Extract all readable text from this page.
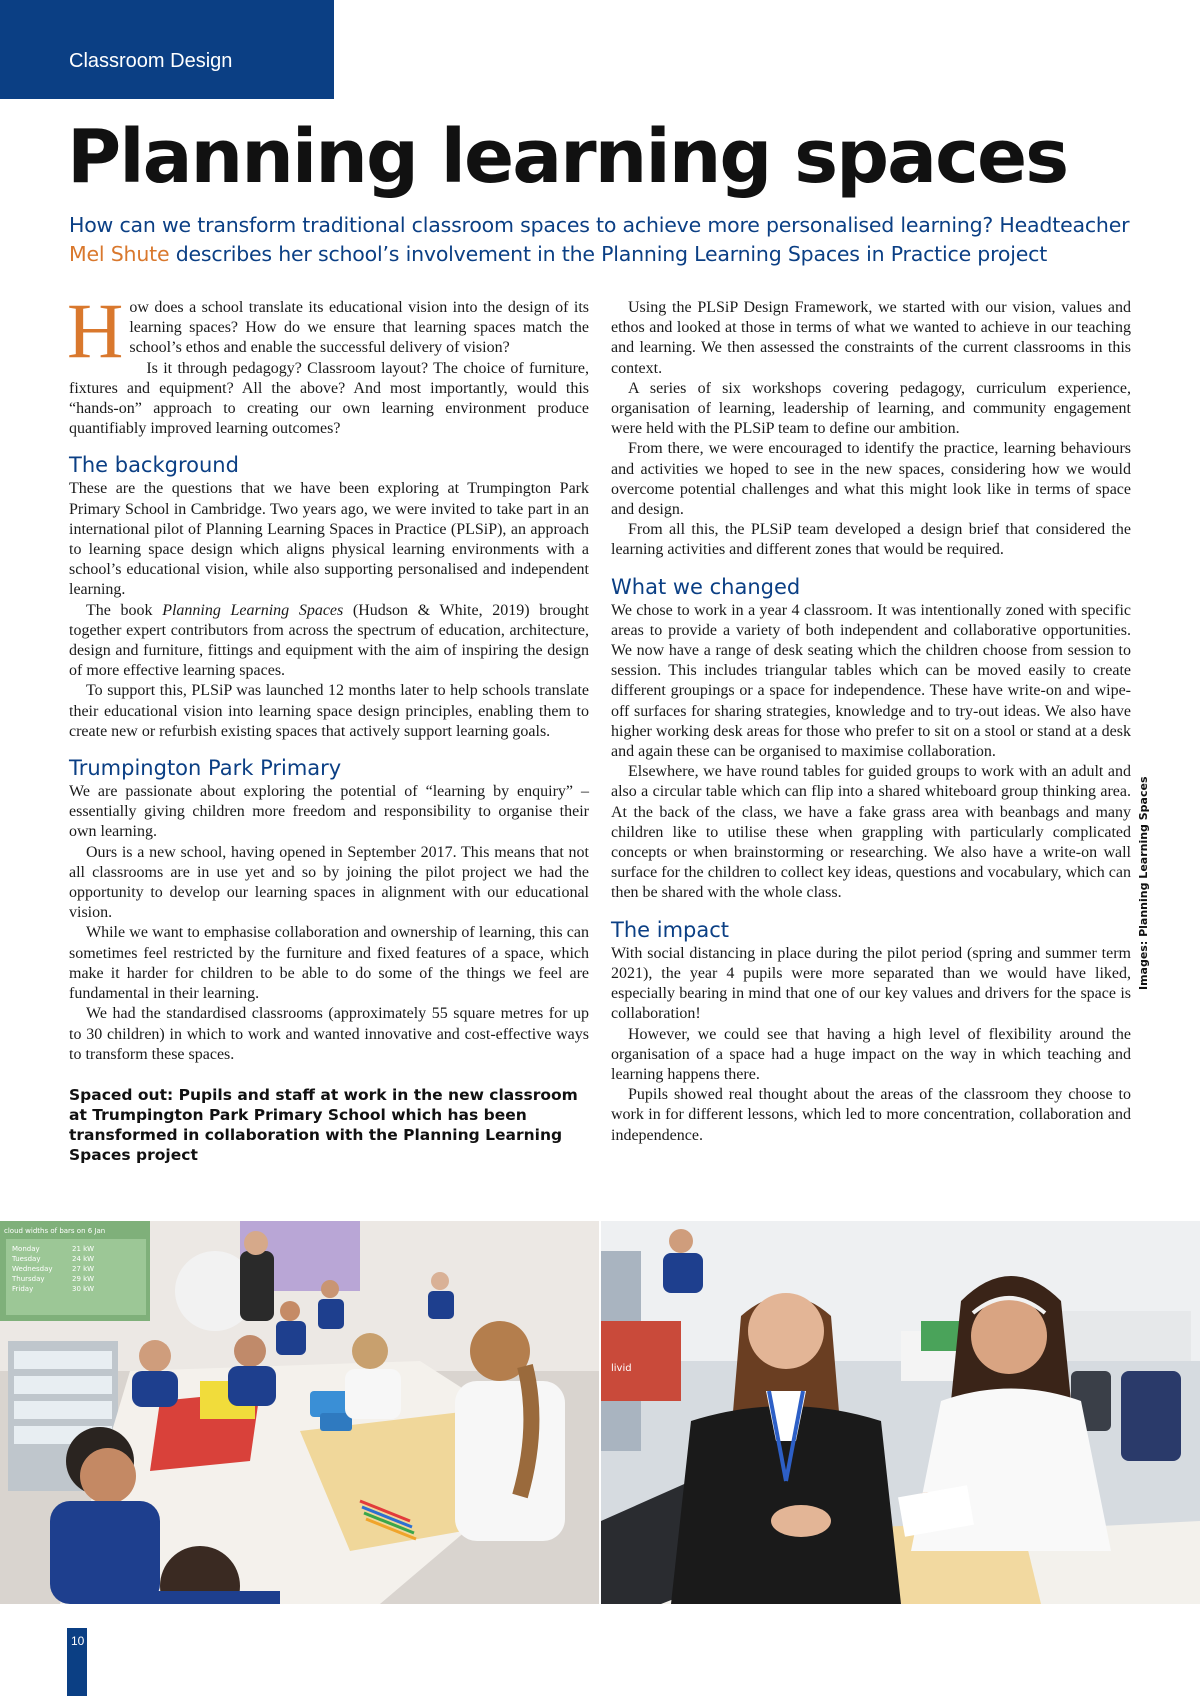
Classroom Design
Planning learning spaces
How can we transform traditional classroom spaces to achieve more personalised learning? Headteacher Mel Shute describes her school’s involvement in the Planning Learning Spaces in Practice project

How does a school translate its educational vision into the design of its learning spaces? How do we ensure that learning spaces match the school’s ethos and enable the successful delivery of vision?

Is it through pedagogy? Classroom layout? The choice of furniture, fixtures and equipment? All the above? And most importantly, would this “hands-on” approach to creating our own learning environment produce quantifiably improved learning outcomes?

The background

These are the questions that we have been exploring at Trumpington Park Primary School in Cambridge. Two years ago, we were invited to take part in an international pilot of Planning Learning Spaces in Practice (PLSiP), an approach to learning space design which aligns physical learning environments with a school’s educational vision, while also supporting personalised and independent learning.

The book Planning Learning Spaces (Hudson & White, 2019) brought together expert contributors from across the spectrum of education, architecture, design and furniture, fittings and equipment with the aim of inspiring the design of more effective learning spaces.

To support this, PLSiP was launched 12 months later to help schools translate their educational vision into learning space design principles, enabling them to create new or refurbish existing spaces that actively support learning goals.

Trumpington Park Primary

We are passionate about exploring the potential of “learning by enquiry” – essentially giving children more freedom and responsibility to organise their own learning.

Ours is a new school, having opened in September 2017. This means that not all classrooms are in use yet and so by joining the pilot project we had the opportunity to develop our learning spaces in alignment with our educational vision.

While we want to emphasise collaboration and ownership of learning, this can sometimes feel restricted by the furniture and fixed features of a space, which make it harder for children to be able to do some of the things we feel are fundamental in their learning.

We had the standardised classrooms (approximately 55 square metres for up to 30 children) in which to work and wanted innovative and cost-effective ways to transform these spaces.

Spaced out: Pupils and staff at work in the new classroom at Trumpington Park Primary School which has been transformed in collaboration with the Planning Learning Spaces project

Using the PLSiP Design Framework, we started with our vision, values and ethos and looked at those in terms of what we wanted to achieve in our teaching and learning. We then assessed the constraints of the current classrooms in this context.

A series of six workshops covering pedagogy, curriculum experience, organisation of learning, leadership of learning, and community engagement were held with the PLSiP team to define our ambition.

From there, we were encouraged to identify the practice, learning behaviours and activities we hoped to see in the new spaces, considering how we would overcome potential challenges and what this might look like in terms of space and design.

From all this, the PLSiP team developed a design brief that considered the learning activities and different zones that would be required.

What we changed

We chose to work in a year 4 classroom. It was intentionally zoned with specific areas to provide a variety of both independent and collaborative opportunities. We now have a range of desk seating which the children choose from session to session. This includes triangular tables which can be moved easily to create different groupings or a space for independence. These have write-on and wipe-off surfaces for sharing strategies, knowledge and to try-out ideas. We also have higher working desk areas for those who prefer to sit on a stool or stand at a desk and again these can be organised to maximise collaboration.

Elsewhere, we have round tables for guided groups to work with an adult and also a circular table which can flip into a shared whiteboard group thinking area. At the back of the class, we have a fake grass area with beanbags and many children like to utilise these when grappling with particularly complicated concepts or when brainstorming or researching. We also have a write-on wall surface for the children to collect key ideas, questions and vocabulary, which can then be shared with the whole class.

The impact

With social distancing in place during the pilot period (spring and summer term 2021), the year 4 pupils were more separated than we would have liked, especially bearing in mind that one of our key values and drivers for the space is collaboration!

However, we could see that having a high level of flexibility around the organisation of a space had a huge impact on the way in which teaching and learning happens there.

Pupils showed real thought about the areas of the classroom they choose to work in for different lessons, which led to more concentration, collaboration and independence.

Images: Planning Learning Spaces
cloud widths of bars on 6 Jan
Monday	21 kW
Tuesday	24 kW
Wednesday	27 kW
Thursday	29 kW
Friday	30 kW
livid
10
